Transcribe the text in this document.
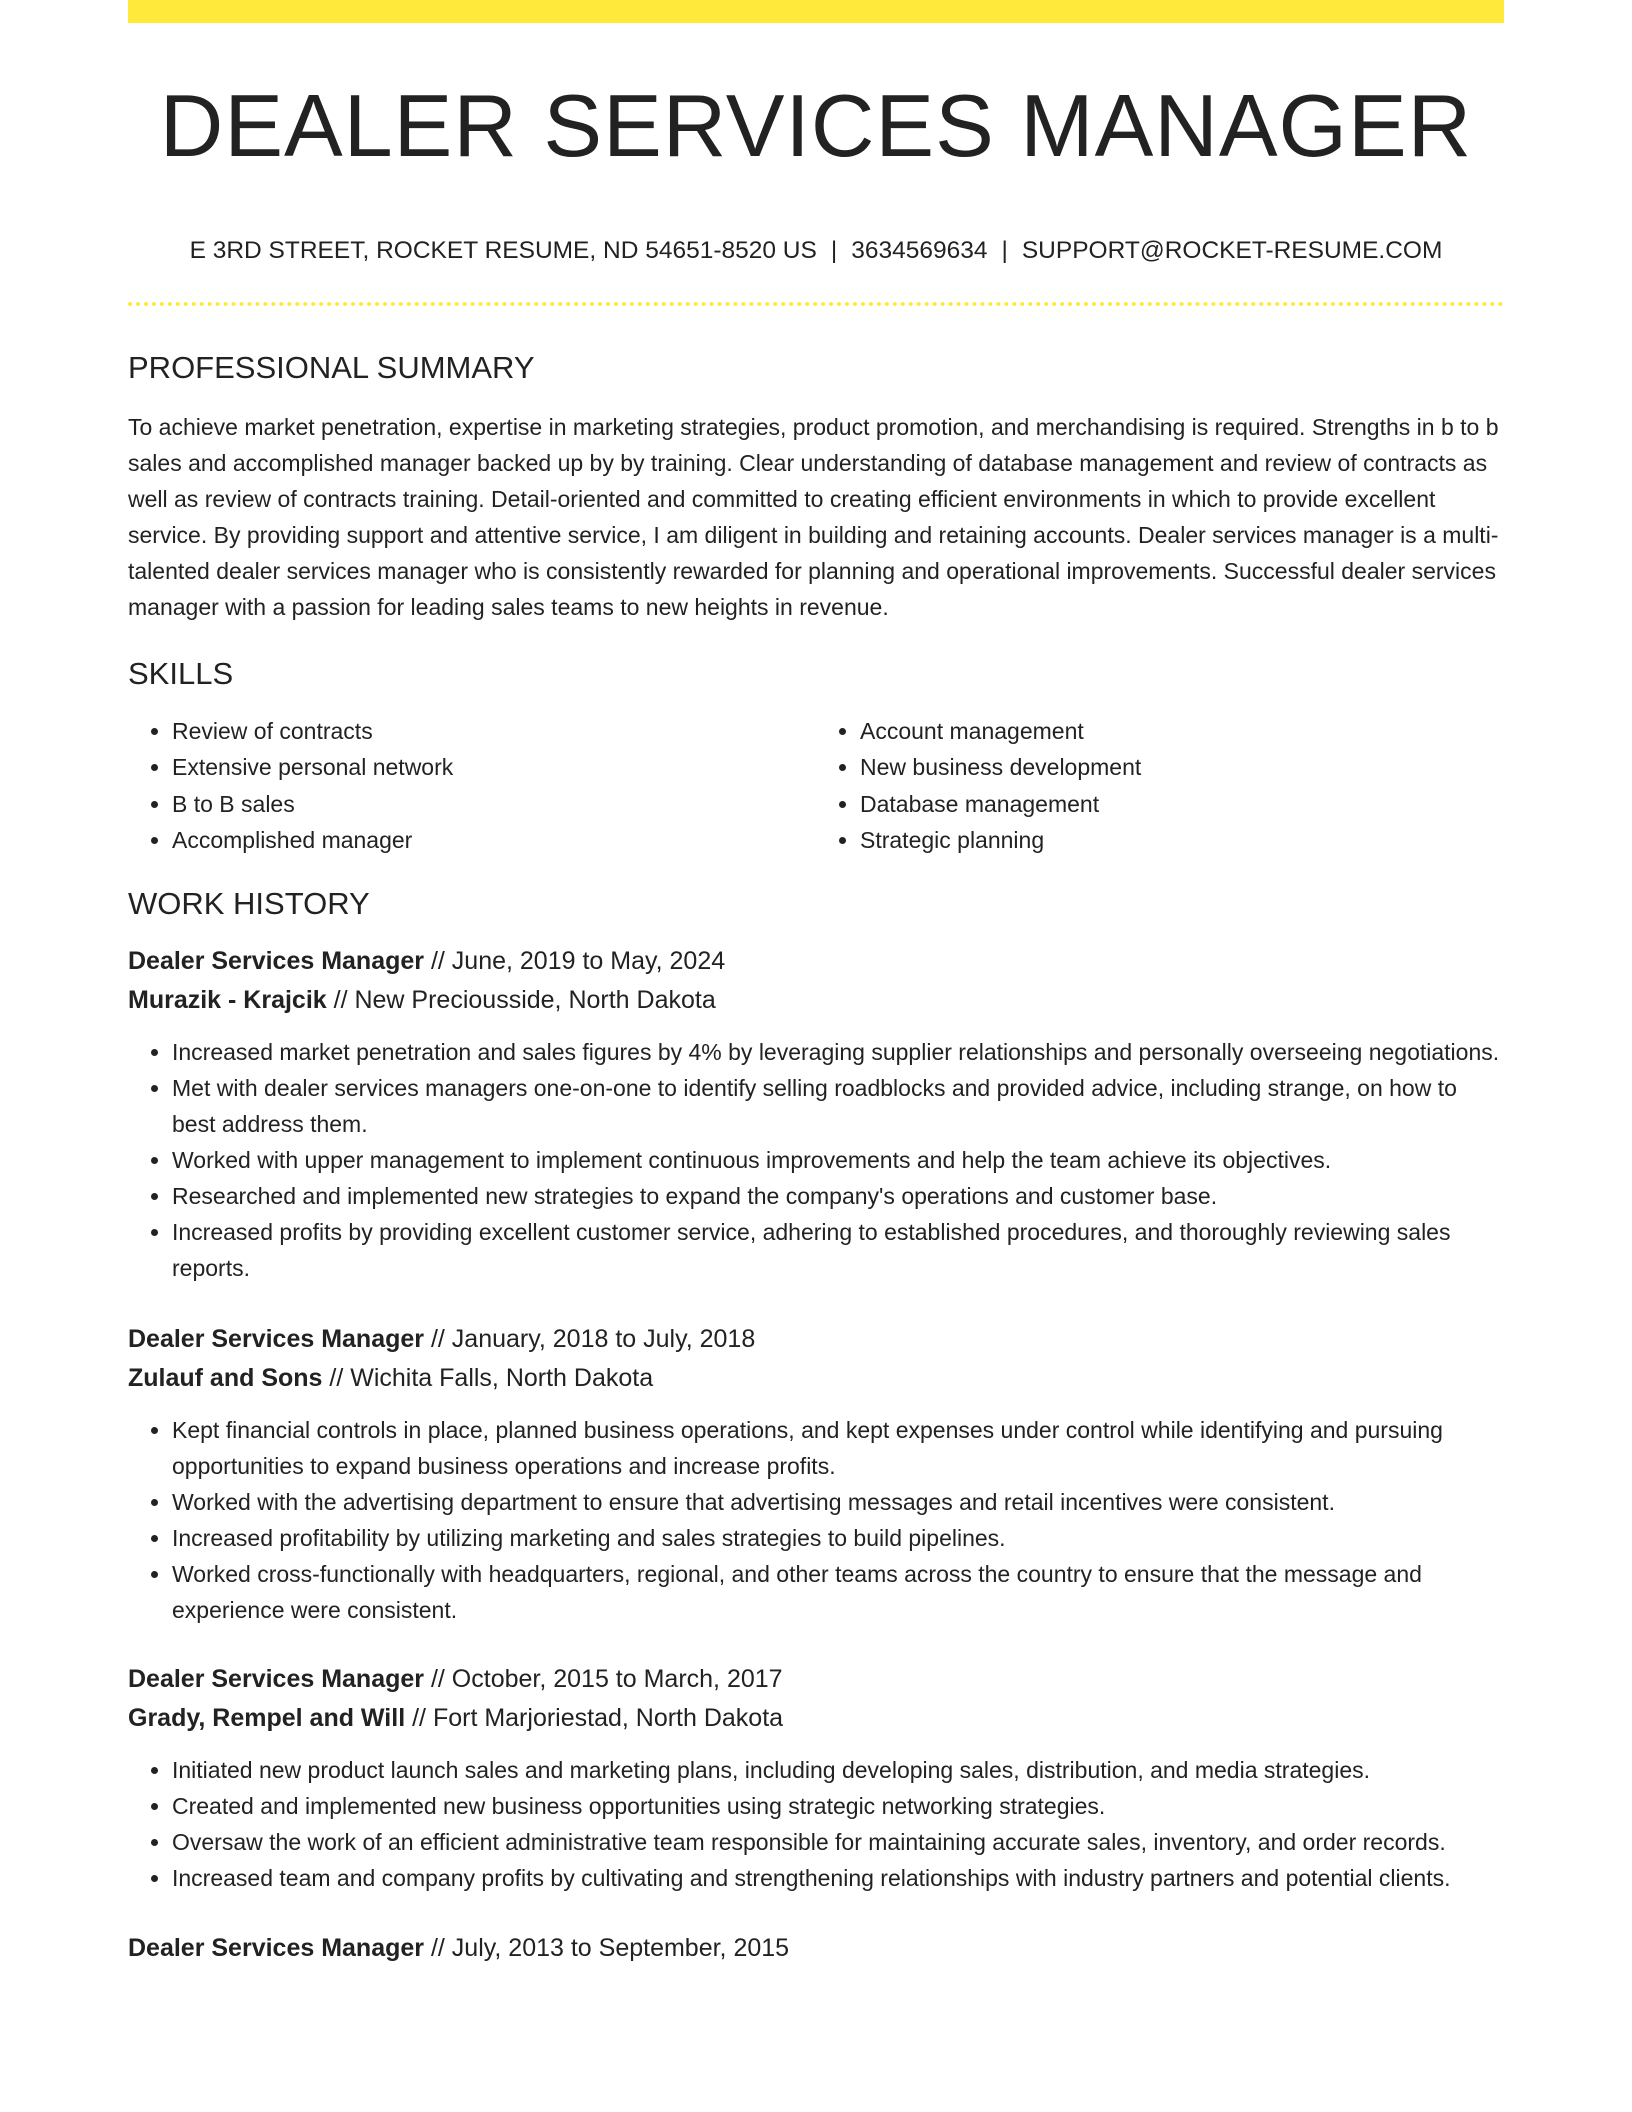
DEALER SERVICES MANAGER
E 3RD STREET, ROCKET RESUME, ND 54651-8520 US | 3634569634 | SUPPORT@ROCKET-RESUME.COM
PROFESSIONAL SUMMARY

To achieve market penetration, expertise in marketing strategies, product promotion, and merchandising is required. Strengths in b to b sales and accomplished manager backed up by by training. Clear understanding of database management and review of contracts as well as review of contracts training. Detail-oriented and committed to creating efficient environments in which to provide excellent service. By providing support and attentive service, I am diligent in building and retaining accounts. Dealer services manager is a multi-talented dealer services manager who is consistently rewarded for planning and operational improvements. Successful dealer services manager with a passion for leading sales teams to new heights in revenue.

SKILLS
• Review of contracts
• Extensive personal network
• B to B sales
• Accomplished manager
• Account management
• New business development
• Database management
• Strategic planning
WORK HISTORY
Dealer Services Manager // June, 2019 to May, 2024
Murazik - Krajcik // New Preciousside, North Dakota
• Increased market penetration and sales figures by 4% by leveraging supplier relationships and personally overseeing negotiations.
• Met with dealer services managers one-on-one to identify selling roadblocks and provided advice, including strange, on how to best address them.
• Worked with upper management to implement continuous improvements and help the team achieve its objectives.
• Researched and implemented new strategies to expand the company's operations and customer base.
• Increased profits by providing excellent customer service, adhering to established procedures, and thoroughly reviewing sales reports.
Dealer Services Manager // January, 2018 to July, 2018
Zulauf and Sons // Wichita Falls, North Dakota
• Kept financial controls in place, planned business operations, and kept expenses under control while identifying and pursuing opportunities to expand business operations and increase profits.
• Worked with the advertising department to ensure that advertising messages and retail incentives were consistent.
• Increased profitability by utilizing marketing and sales strategies to build pipelines.
• Worked cross-functionally with headquarters, regional, and other teams across the country to ensure that the message and experience were consistent.
Dealer Services Manager // October, 2015 to March, 2017
Grady, Rempel and Will // Fort Marjoriestad, North Dakota
• Initiated new product launch sales and marketing plans, including developing sales, distribution, and media strategies.
• Created and implemented new business opportunities using strategic networking strategies.
• Oversaw the work of an efficient administrative team responsible for maintaining accurate sales, inventory, and order records.
• Increased team and company profits by cultivating and strengthening relationships with industry partners and potential clients.
Dealer Services Manager // July, 2013 to September, 2015
